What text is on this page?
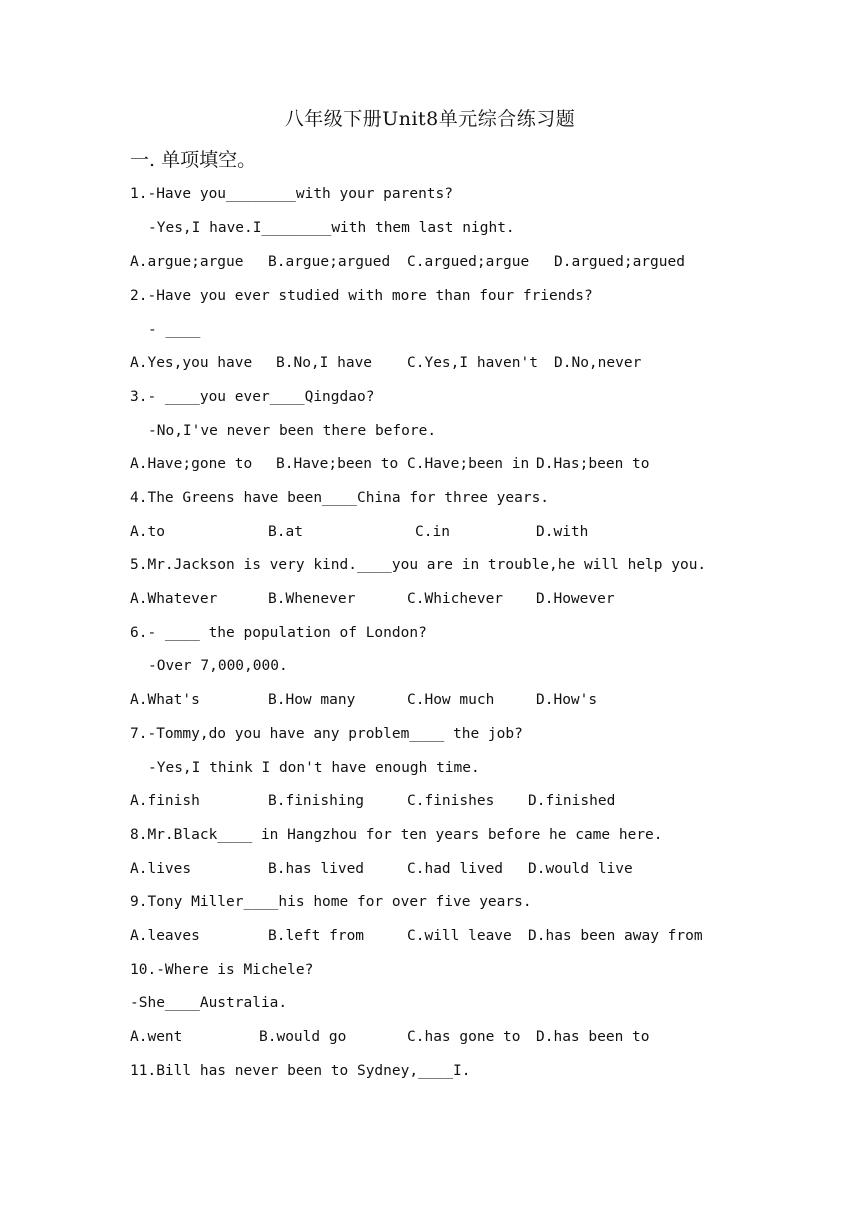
八年级下册Unit8单元综合练习题
一. 单项填空。
1.-Have you________with your parents?
-Yes,I have.I________with them last night.
A.argue;argue B.argue;argued C.argued;argue D.argued;argued
2.-Have you ever studied with more than four friends?
- ____
A.Yes,you have B.No,I have C.Yes,I haven't D.No,never
3.- ____you ever____Qingdao?
-No,I've never been there before.
A.Have;gone to B.Have;been to C.Have;been in D.Has;been to
4.The Greens have been____China for three years.
A.to	B.at	C.in	D.with
5.Mr.Jackson is very kind.____you are in trouble,he will help you.
A.Whatever	B.Whenever	C.Whichever D.However
6.- ____ the population of London?
-Over 7,000,000.
A.What's	B.How many	C.How much	D.How's
7.-Tommy,do you have any problem____ the job?
-Yes,I think I don't have enough time.
A.finish	B.finishing	C.finishes D.finished
8.Mr.Black____ in Hangzhou for ten years before he came here.
A.lives	B.has lived	C.had lived D.would live
9.Tony Miller____his home for over five years.
A.leaves	B.left from	C.will leave D.has been away from
10.-Where is Michele?
-She____Australia.
A.went	B.would go	C.has gone to D.has been to
11.Bill has never been to Sydney,____I.
